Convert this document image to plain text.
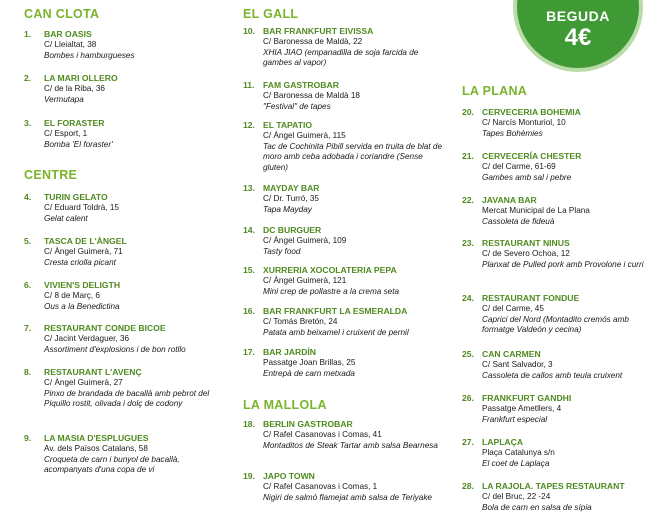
BEGUDA
4€
CAN CLOTA
1. BAR OASIS
C/ Lleialtat, 38
Bombes i hamburgueses
2. LA MARI OLLERO
C/ de la Riba, 36
Vermutapa
3. EL FORASTER
C/ Esport, 1
Bomba 'El foraster'
CENTRE
4. TURIN GELATO
C/ Eduard Toldrà, 15
Gelat calent
5. TASCA DE L'ÀNGEL
C/ Àngel Guimerà, 71
Cresta criolla picant
6. VIVIEN'S DELIGTH
C/ 8 de Març, 6
Ous a la Benedictina
7. RESTAURANT CONDE BICOE
C/ Jacint Verdaguer, 36
Assortiment d'explosions i de bon rotllo
8. RESTAURANT L'AVENÇ
C/ Àngel Guimerà, 27
Pinxo de brandada de bacallà amb pebrot del Piquillo rostit, olivada i dolç de codony
9. LA MASIA D'ESPLUGUES
Av. dels Països Catalans, 58
Croqueta de carn i bunyol de bacallà, acompanyats d'una copa de vi
EL GALL
10. BAR FRANKFURT EIVISSA
C/ Baronessa de Maldà, 22
XHIA JIAO (empanadilla de soja farcida de gambes al vapor)
11. FAM GASTROBAR
C/ Baronessa de Maldà 18
"Festival" de tapes
12. EL TAPATIO
C/ Àngel Guimerà, 115
Tac de Cochinita Pibill servida en truita de blat de moro amb ceba adobada i coriandre (Sense gluten)
13. MAYDAY BAR
C/ Dr. Turró, 35
Tapa Mayday
14. DC BURGUER
C/ Àngel Guimerà, 109
Tasty food
15. XURRERIA XOCOLATERIA PEPA
C/ Àngel Guimerà, 121
Mini crep de pollastre a la crema seta
16. BAR FRANKFURT LA ESMERALDA
C/ Tomás Bretón, 24
Patata amb beixamel i cruixent de pernil
17. BAR JARDÍN
Passatge Joan Brillas, 25
Entrepà de carn metxada
LA MALLOLA
18. BERLIN GASTROBAR
C/ Rafel Casanovas i Comas, 41
Montaditos de Steak Tartar amb salsa Bearnesa
19. JAPO TOWN
C/ Rafel Casanovas i Comas, 1
Nigiri de salmó flamejat amb salsa de Teriyake
LA PLANA
20. CERVECERIA BOHEMIA
C/ Narcís Monturiol, 10
Tapes Bohèmies
21. CERVECERÍA CHESTER
C/ del Carme, 61-69
Gambes amb sal i pebre
22. JAVANA BAR
Mercat Municipal de La Plana
Cassoleta de fideuà
23. RESTAURANT NINUS
C/ de Severo Ochoa, 12
Planxat de Pulled pork amb Provolone i curri
24. RESTAURANT FONDUE
C/ del Carme, 45
Caprici del Nord (Montadito cremós amb formatge Valdeón y cecina)
25. CAN CARMEN
C/ Sant Salvador, 3
Cassoleta de callos amb teula cruixent
26. FRANKFURT GANDHI
Passatge Ametllers, 4
Frankfurt especial
27. LAPLAÇA
Plaça Catalunya s/n
El coet de Laplaça
28. LA RAJOLA. TAPES RESTAURANT
C/ del Bruc, 22 -24
Bola de carn en salsa de sípia
